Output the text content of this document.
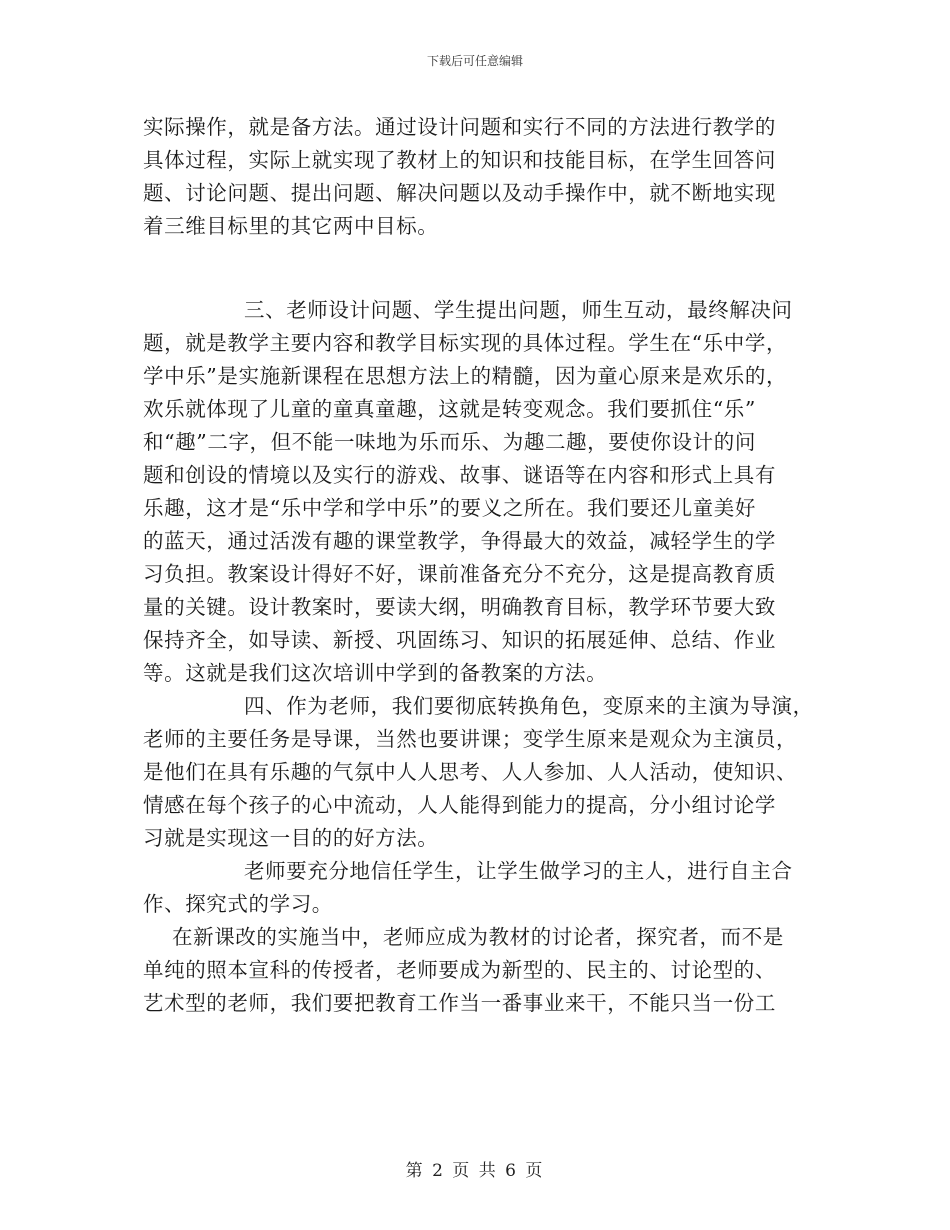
下载后可任意编辑
实际操作，就是备方法。通过设计问题和实行不同的方法进行教学的
具体过程，实际上就实现了教材上的知识和技能目标，在学生回答问
题、讨论问题、提出问题、解决问题以及动手操作中，就不断地实现
着三维目标里的其它两中目标。
三、老师设计问题、学生提出问题，师生互动，最终解决问
题，就是教学主要内容和教学目标实现的具体过程。学生在“乐中学，
学中乐”是实施新课程在思想方法上的精髓，因为童心原来是欢乐的，
欢乐就体现了儿童的童真童趣，这就是转变观念。我们要抓住“乐”
和“趣”二字，但不能一味地为乐而乐、为趣二趣，要使你设计的问
题和创设的情境以及实行的游戏、故事、谜语等在内容和形式上具有
乐趣，这才是“乐中学和学中乐”的要义之所在。我们要还儿童美好
的蓝天，通过活泼有趣的课堂教学，争得最大的效益，减轻学生的学
习负担。教案设计得好不好，课前准备充分不充分，这是提高教育质
量的关键。设计教案时，要读大纲，明确教育目标，教学环节要大致
保持齐全，如导读、新授、巩固练习、知识的拓展延伸、总结、作业
等。这就是我们这次培训中学到的备教案的方法。
四、作为老师，我们要彻底转换角色，变原来的主演为导演，
老师的主要任务是导课，当然也要讲课；变学生原来是观众为主演员，
是他们在具有乐趣的气氛中人人思考、人人参加、人人活动，使知识、
情感在每个孩子的心中流动，人人能得到能力的提高，分小组讨论学
习就是实现这一目的的好方法。
老师要充分地信任学生，让学生做学习的主人，进行自主合
作、探究式的学习。
在新课改的实施当中，老师应成为教材的讨论者，探究者，而不是
单纯的照本宣科的传授者，老师要成为新型的、民主的、讨论型的、
艺术型的老师，我们要把教育工作当一番事业来干，不能只当一份工
第 2 页 共 6 页
